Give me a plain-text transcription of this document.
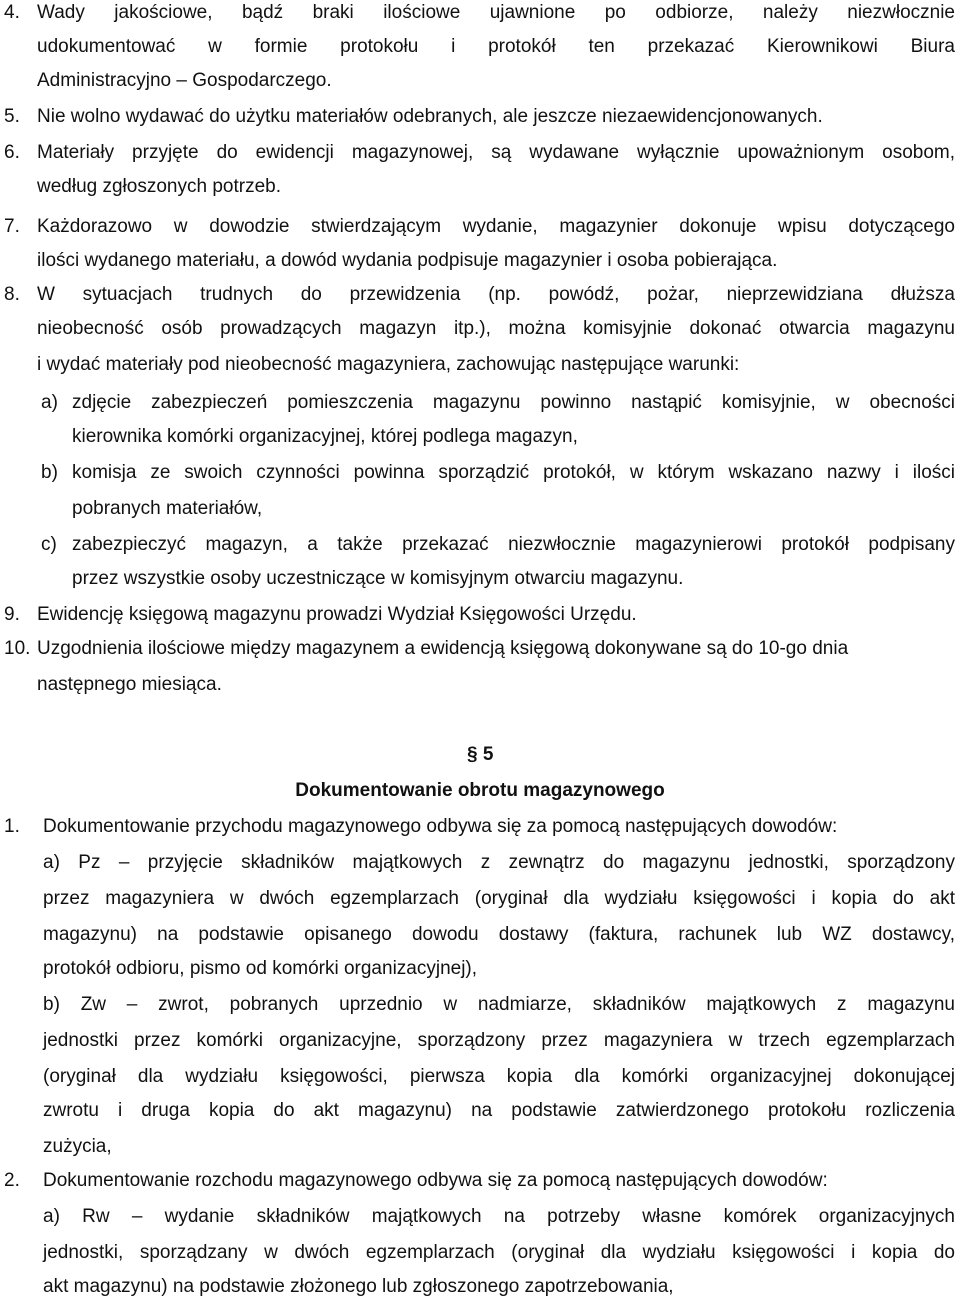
4. Wady jakościowe, bądź braki ilościowe ujawnione po odbiorze, należy niezwłocznie
udokumentować w formie protokołu i protokół ten przekazać Kierownikowi Biura
Administracyjno – Gospodarczego.
5. Nie wolno wydawać do użytku materiałów odebranych, ale jeszcze niezaewidencjonowanych.
6. Materiały przyjęte do ewidencji magazynowej, są wydawane wyłącznie upoważnionym osobom,
według zgłoszonych potrzeb.
7. Każdorazowo w dowodzie stwierdzającym wydanie, magazynier dokonuje wpisu dotyczącego
ilości wydanego materiału, a dowód wydania podpisuje magazynier i osoba pobierająca.
8. W sytuacjach trudnych do przewidzenia (np. powódź, pożar, nieprzewidziana dłuższa
nieobecność osób prowadzących magazyn itp.), można komisyjnie dokonać otwarcia magazynu
i wydać materiały pod nieobecność magazyniera, zachowując następujące warunki:
a) zdjęcie zabezpieczeń pomieszczenia magazynu powinno nastąpić komisyjnie, w obecności
kierownika komórki organizacyjnej, której podlega magazyn,
b) komisja ze swoich czynności powinna sporządzić protokół, w którym wskazano nazwy i ilości
pobranych materiałów,
c) zabezpieczyć magazyn, a także przekazać niezwłocznie magazynierowi protokół podpisany
przez wszystkie osoby uczestniczące w komisyjnym otwarciu magazynu.
9. Ewidencję księgową magazynu prowadzi Wydział Księgowości Urzędu.
10. Uzgodnienia ilościowe między magazynem a ewidencją księgową dokonywane są do 10-go dnia
następnego miesiąca.
§ 5
Dokumentowanie obrotu magazynowego
1. Dokumentowanie przychodu magazynowego odbywa się za pomocą następujących dowodów:
a) Pz – przyjęcie składników majątkowych z zewnątrz do magazynu jednostki, sporządzony
przez magazyniera w dwóch egzemplarzach (oryginał dla wydziału księgowości i kopia do akt
magazynu) na podstawie opisanego dowodu dostawy (faktura, rachunek lub WZ dostawcy,
protokół odbioru, pismo od komórki organizacyjnej),
b) Zw – zwrot, pobranych uprzednio w nadmiarze, składników majątkowych z magazynu
jednostki przez komórki organizacyjne, sporządzony przez magazyniera w trzech egzemplarzach
(oryginał dla wydziału księgowości, pierwsza kopia dla komórki organizacyjnej dokonującej
zwrotu i druga kopia do akt magazynu) na podstawie zatwierdzonego protokołu rozliczenia
zużycia,
2. Dokumentowanie rozchodu magazynowego odbywa się za pomocą następujących dowodów:
a) Rw – wydanie składników majątkowych na potrzeby własne komórek organizacyjnych
jednostki, sporządzany w dwóch egzemplarzach (oryginał dla wydziału księgowości i kopia do
akt magazynu) na podstawie złożonego lub zgłoszonego zapotrzebowania,
